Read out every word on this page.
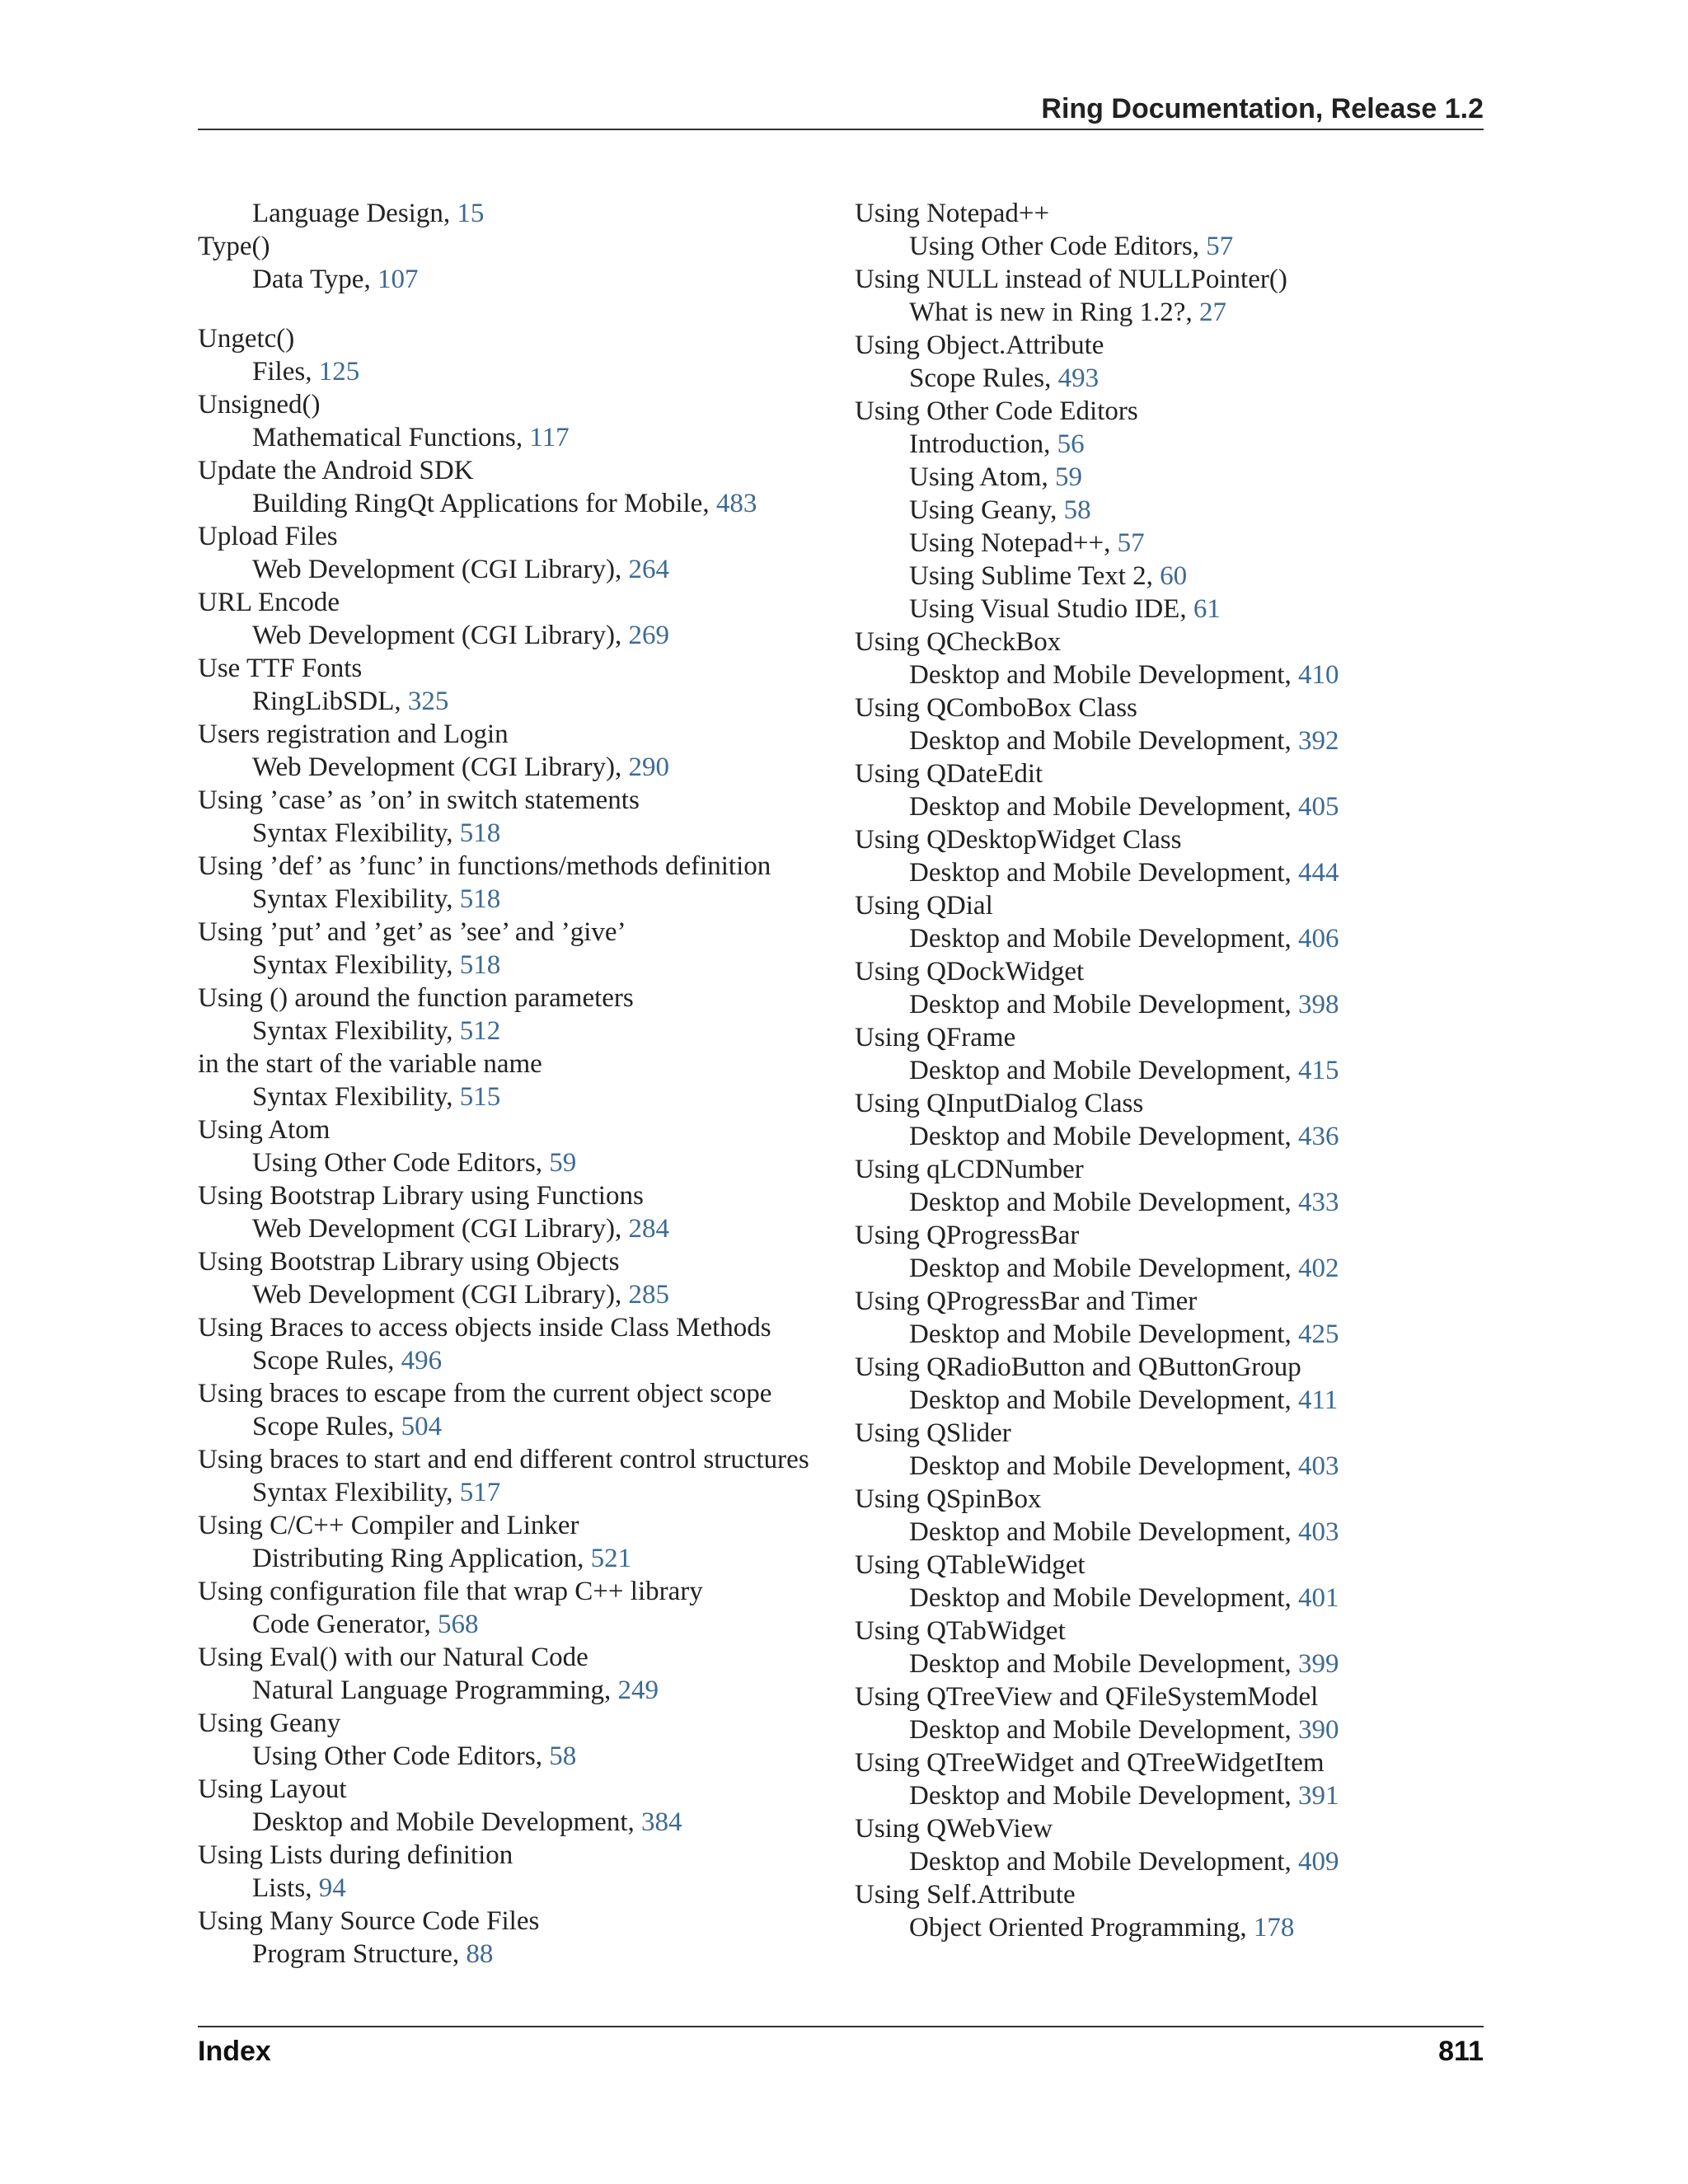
Ring Documentation, Release 1.2
Language Design, 15
Type()
Data Type, 107
Ungetc()
Files, 125
Unsigned()
Mathematical Functions, 117
Update the Android SDK
Building RingQt Applications for Mobile, 483
Upload Files
Web Development (CGI Library), 264
URL Encode
Web Development (CGI Library), 269
Use TTF Fonts
RingLibSDL, 325
Users registration and Login
Web Development (CGI Library), 290
Using ’case’ as ’on’ in switch statements
Syntax Flexibility, 518
Using ’def’ as ’func’ in functions/methods definition
Syntax Flexibility, 518
Using ’put’ and ’get’ as ’see’ and ’give’
Syntax Flexibility, 518
Using () around the function parameters
Syntax Flexibility, 512
in the start of the variable name
Syntax Flexibility, 515
Using Atom
Using Other Code Editors, 59
Using Bootstrap Library using Functions
Web Development (CGI Library), 284
Using Bootstrap Library using Objects
Web Development (CGI Library), 285
Using Braces to access objects inside Class Methods
Scope Rules, 496
Using braces to escape from the current object scope
Scope Rules, 504
Using braces to start and end different control structures
Syntax Flexibility, 517
Using C/C++ Compiler and Linker
Distributing Ring Application, 521
Using configuration file that wrap C++ library
Code Generator, 568
Using Eval() with our Natural Code
Natural Language Programming, 249
Using Geany
Using Other Code Editors, 58
Using Layout
Desktop and Mobile Development, 384
Using Lists during definition
Lists, 94
Using Many Source Code Files
Program Structure, 88
Using Notepad++
Using Other Code Editors, 57
Using NULL instead of NULLPointer()
What is new in Ring 1.2?, 27
Using Object.Attribute
Scope Rules, 493
Using Other Code Editors
Introduction, 56
Using Atom, 59
Using Geany, 58
Using Notepad++, 57
Using Sublime Text 2, 60
Using Visual Studio IDE, 61
Using QCheckBox
Desktop and Mobile Development, 410
Using QComboBox Class
Desktop and Mobile Development, 392
Using QDateEdit
Desktop and Mobile Development, 405
Using QDesktopWidget Class
Desktop and Mobile Development, 444
Using QDial
Desktop and Mobile Development, 406
Using QDockWidget
Desktop and Mobile Development, 398
Using QFrame
Desktop and Mobile Development, 415
Using QInputDialog Class
Desktop and Mobile Development, 436
Using qLCDNumber
Desktop and Mobile Development, 433
Using QProgressBar
Desktop and Mobile Development, 402
Using QProgressBar and Timer
Desktop and Mobile Development, 425
Using QRadioButton and QButtonGroup
Desktop and Mobile Development, 411
Using QSlider
Desktop and Mobile Development, 403
Using QSpinBox
Desktop and Mobile Development, 403
Using QTableWidget
Desktop and Mobile Development, 401
Using QTabWidget
Desktop and Mobile Development, 399
Using QTreeView and QFileSystemModel
Desktop and Mobile Development, 390
Using QTreeWidget and QTreeWidgetItem
Desktop and Mobile Development, 391
Using QWebView
Desktop and Mobile Development, 409
Using Self.Attribute
Object Oriented Programming, 178
Index	811
